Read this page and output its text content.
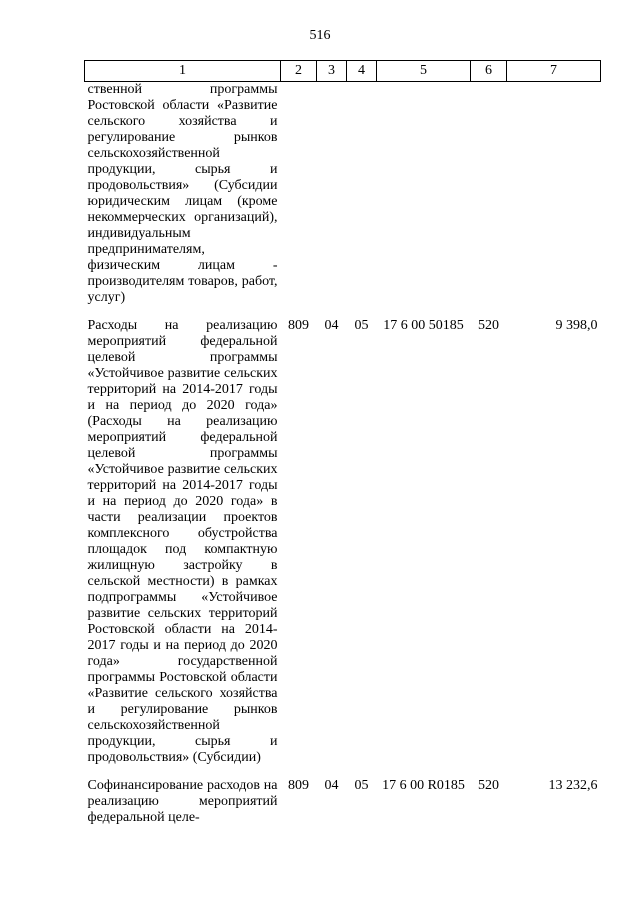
516
1	2	3	4	5	6	7
ственной программы Ростовской области «Развитие сельского хозяйства и регулирование рынков сельскохозяйственной продукции, сырья и продовольствия» (Субсидии юридическим лицам (кроме некоммерческих организаций), индивидуальным предпринимателям, физическим лицам - производителям товаров, работ, услуг)						
Расходы на реализацию мероприятий федеральной целевой программы «Устойчивое развитие сельских территорий на 2014-2017 годы и на период до 2020 года» (Расходы на реализацию мероприятий федеральной целевой программы «Устойчивое развитие сельских территорий на 2014-2017 годы и на период до 2020 года» в части реализации проектов комплексного обустройства площадок под компактную жилищную застройку в сельской местности) в рамках подпрограммы «Устойчивое развитие сельских территорий Ростовской области на 2014-2017 годы и на период до 2020 года» государственной программы Ростовской области «Развитие сельского хозяйства и регулирование рынков сельскохозяйственной продукции, сырья и продовольствия» (Субсидии)	809	04	05	17 6 00 50185	520	9 398,0
Софинансирование расходов на реализацию мероприятий федеральной целе-	809	04	05	17 6 00 R0185	520	13 232,6
